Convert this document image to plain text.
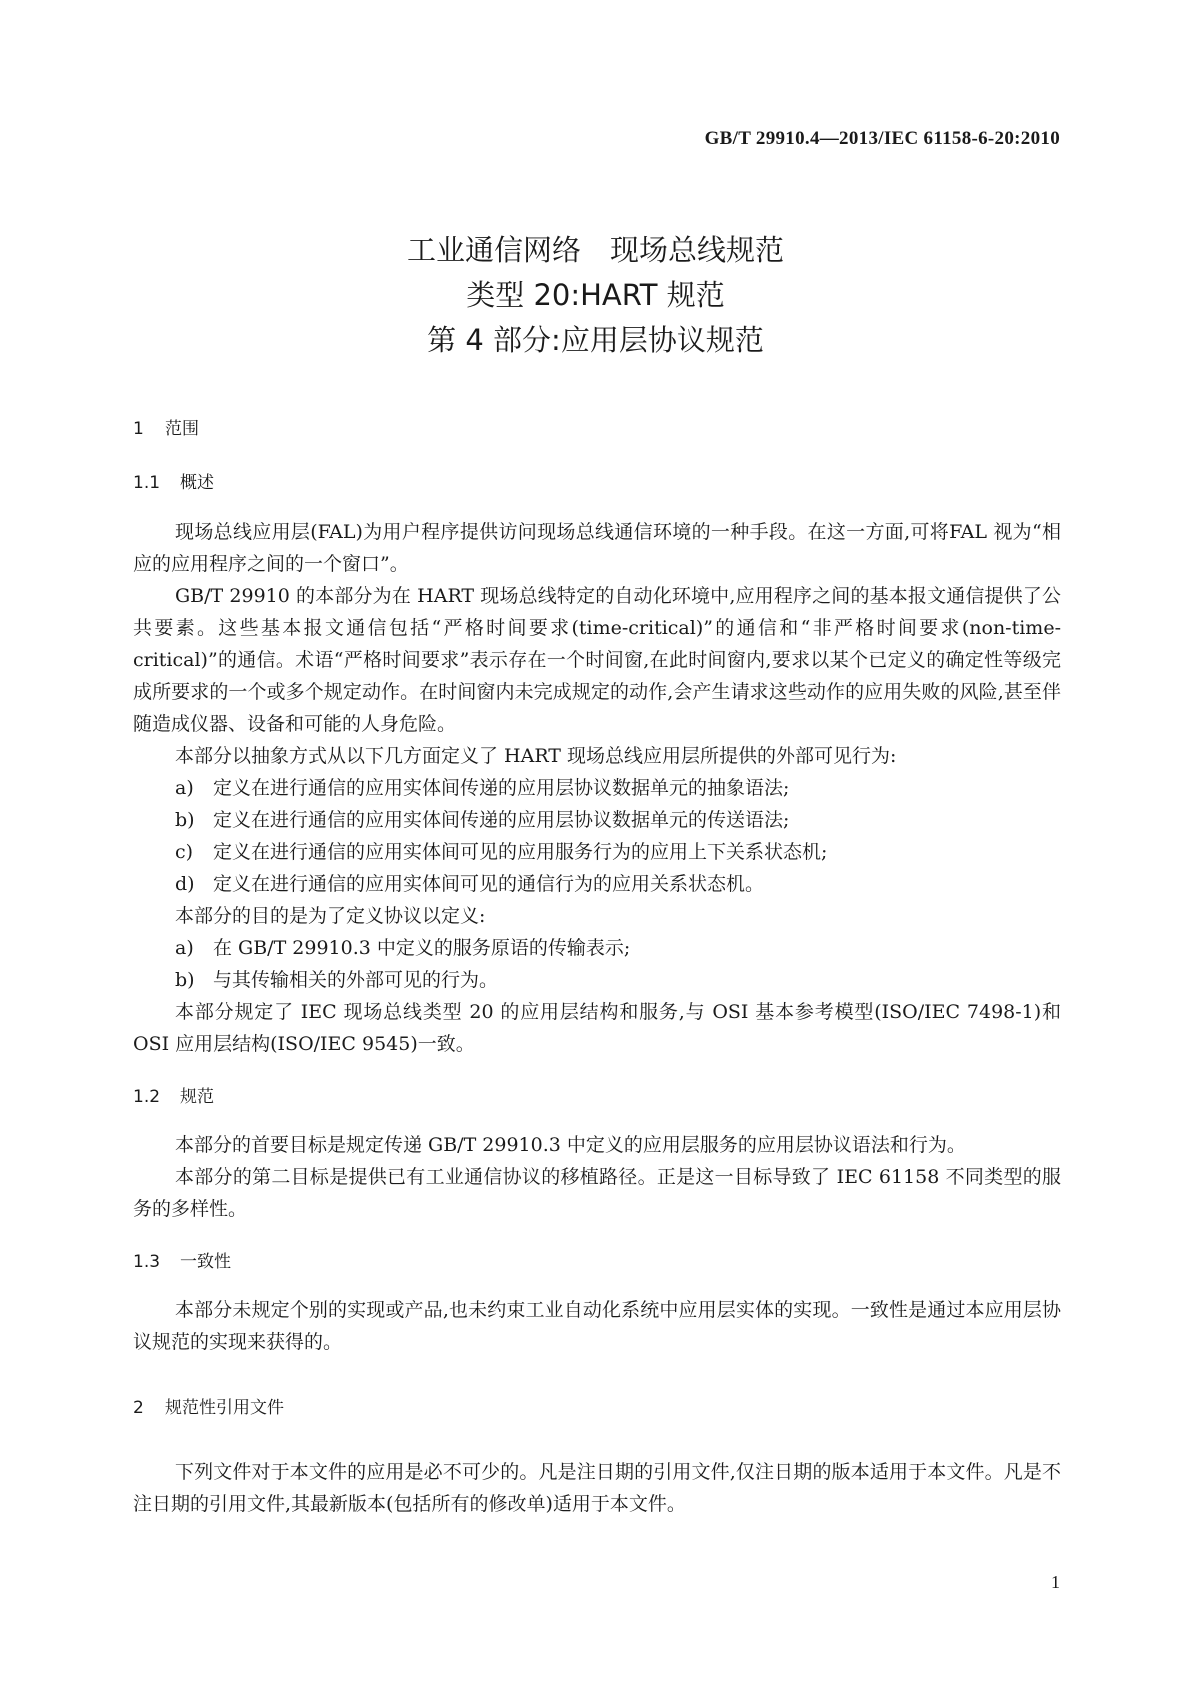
GB/T 29910.4—2013/IEC 61158-6-20:2010
工业通信网络　现场总线规范
类型 20:HART 规范
第 4 部分:应用层协议规范
1 范围
1.1 概述

现场总线应用层(FAL)为用户程序提供访问现场总线通信环境的一种手段。在这一方面,可将FAL 视为“相应的应用程序之间的一个窗口”。

GB/T 29910 的本部分为在 HART 现场总线特定的自动化环境中,应用程序之间的基本报文通信提供了公共要素。这些基本报文通信包括“严格时间要求(time-critical)”的通信和“非严格时间要求(non-time-critical)”的通信。术语“严格时间要求”表示存在一个时间窗,在此时间窗内,要求以某个已定义的确定性等级完成所要求的一个或多个规定动作。在时间窗内未完成规定的动作,会产生请求这些动作的应用失败的风险,甚至伴随造成仪器、设备和可能的人身危险。

本部分以抽象方式从以下几方面定义了 HART 现场总线应用层所提供的外部可见行为:

a) 定义在进行通信的应用实体间传递的应用层协议数据单元的抽象语法;
b) 定义在进行通信的应用实体间传递的应用层协议数据单元的传送语法;
c) 定义在进行通信的应用实体间可见的应用服务行为的应用上下关系状态机;
d) 定义在进行通信的应用实体间可见的通信行为的应用关系状态机。

本部分的目的是为了定义协议以定义:

a) 在 GB/T 29910.3 中定义的服务原语的传输表示;
b) 与其传输相关的外部可见的行为。

本部分规定了 IEC 现场总线类型 20 的应用层结构和服务,与 OSI 基本参考模型(ISO/IEC 7498-1)和 OSI 应用层结构(ISO/IEC 9545)一致。

1.2 规范

本部分的首要目标是规定传递 GB/T 29910.3 中定义的应用层服务的应用层协议语法和行为。

本部分的第二目标是提供已有工业通信协议的移植路径。正是这一目标导致了 IEC 61158 不同类型的服务的多样性。

1.3 一致性

本部分未规定个别的实现或产品,也未约束工业自动化系统中应用层实体的实现。一致性是通过本应用层协议规范的实现来获得的。

2 规范性引用文件

下列文件对于本文件的应用是必不可少的。凡是注日期的引用文件,仅注日期的版本适用于本文件。凡是不注日期的引用文件,其最新版本(包括所有的修改单)适用于本文件。

1
